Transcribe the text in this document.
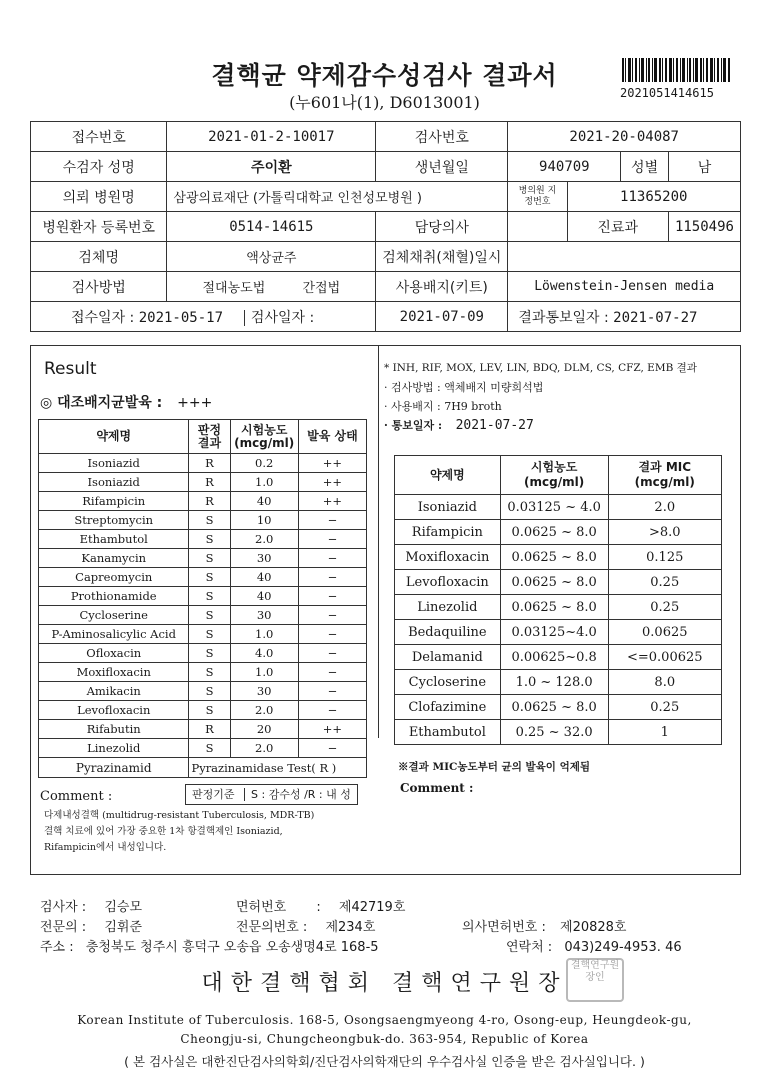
결핵균 약제감수성검사 결과서
(누601나(1), D6013001)	2021051414615
접수번호	2021-01-2-10017	검사번호	2021-20-04087			
수검자 성명	주이환	생년월일	940709		성별	남
의뢰 병원명	삼광의료재단 (가톨릭대학교 인천성모병원 )		병의원 지정번호	11365200		
병원환자 등록번호	0514-14615	담당의사		진료과		1150496
검체명	액상균주	검체채취(채혈)일시				
검사방법	절대농도법 간접법	사용배지(키트)	Löwenstein-Jensen media			
접수일자 : 2021-05-17 검사일자 :		2021-07-09	결과통보일자 : 2021-07-27			
Result
◎ 대조배지균발육 : +++
약제명	판정 결과	시험농도 (mcg/ml)	발육 상태
Isoniazid	R	0.2	++
Isoniazid	R	1.0	++
Rifampicin	R	40	++
Streptomycin	S	10	−
Ethambutol	S	2.0	−
Kanamycin	S	30	−
Capreomycin	S	40	−
Prothionamide	S	40	−
Cycloserine	S	30	−
P-Aminosalicylic Acid	S	1.0	−
Ofloxacin	S	4.0	−
Moxifloxacin	S	1.0	−
Amikacin	S	30	−
Levofloxacin	S	2.0	−
Rifabutin	R	20	++
Linezolid	S	2.0	−
Pyrazinamid	Pyrazinamidase Test( R )		
Comment :	판정기준 S : 감수성 /R : 내 성
다제내성결핵 (multidrug-resistant Tuberculosis, MDR-TB)
결핵 치료에 있어 가장 중요한 1차 항결핵제인 Isoniazid,
Rifampicin에서 내성입니다.
* INH, RIF, MOX, LEV, LIN, BDQ, DLM, CS, CFZ, EMB 결과
· 검사방법 : 액체배지 미량희석법
· 사용배지 : 7H9 broth
· 통보일자 : 2021-07-27
약제명	시험농도 (mcg/ml)	결과 MIC (mcg/ml)
Isoniazid	0.03125 ~ 4.0	2.0
Rifampicin	0.0625 ~ 8.0	>8.0
Moxifloxacin	0.0625 ~ 8.0	0.125
Levofloxacin	0.0625 ~ 8.0	0.25
Linezolid	0.0625 ~ 8.0	0.25
Bedaquiline	0.03125~4.0	0.0625
Delamanid	0.00625~0.8	<=0.00625
Cycloserine	1.0 ~ 128.0	8.0
Clofazimine	0.0625 ~ 8.0	0.25
Ethambutol	0.25 ~ 32.0	1
※결과 MIC농도부터 균의 발육이 억제됨
Comment :
검사자 : 김승모	면허번호 : 제42719호
전문의 : 김휘준	전문의번호 : 제234호	의사면허번호 : 제20828호
주소 : 충청북도 청주시 흥덕구 오송읍 오송생명4로 168-5	연락처 : 043)249-4953. 46
대한결핵협회 결핵연구원장
결핵연구원장인
Korean Institute of Tuberculosis. 168-5, Osongsaengmyeong 4-ro, Osong-eup, Heungdeok-gu,
Cheongju-si, Chungcheongbuk-do. 363-954, Republic of Korea
( 본 검사실은 대한진단검사의학회/진단검사의학재단의 우수검사실 인증을 받은 검사실입니다. )
